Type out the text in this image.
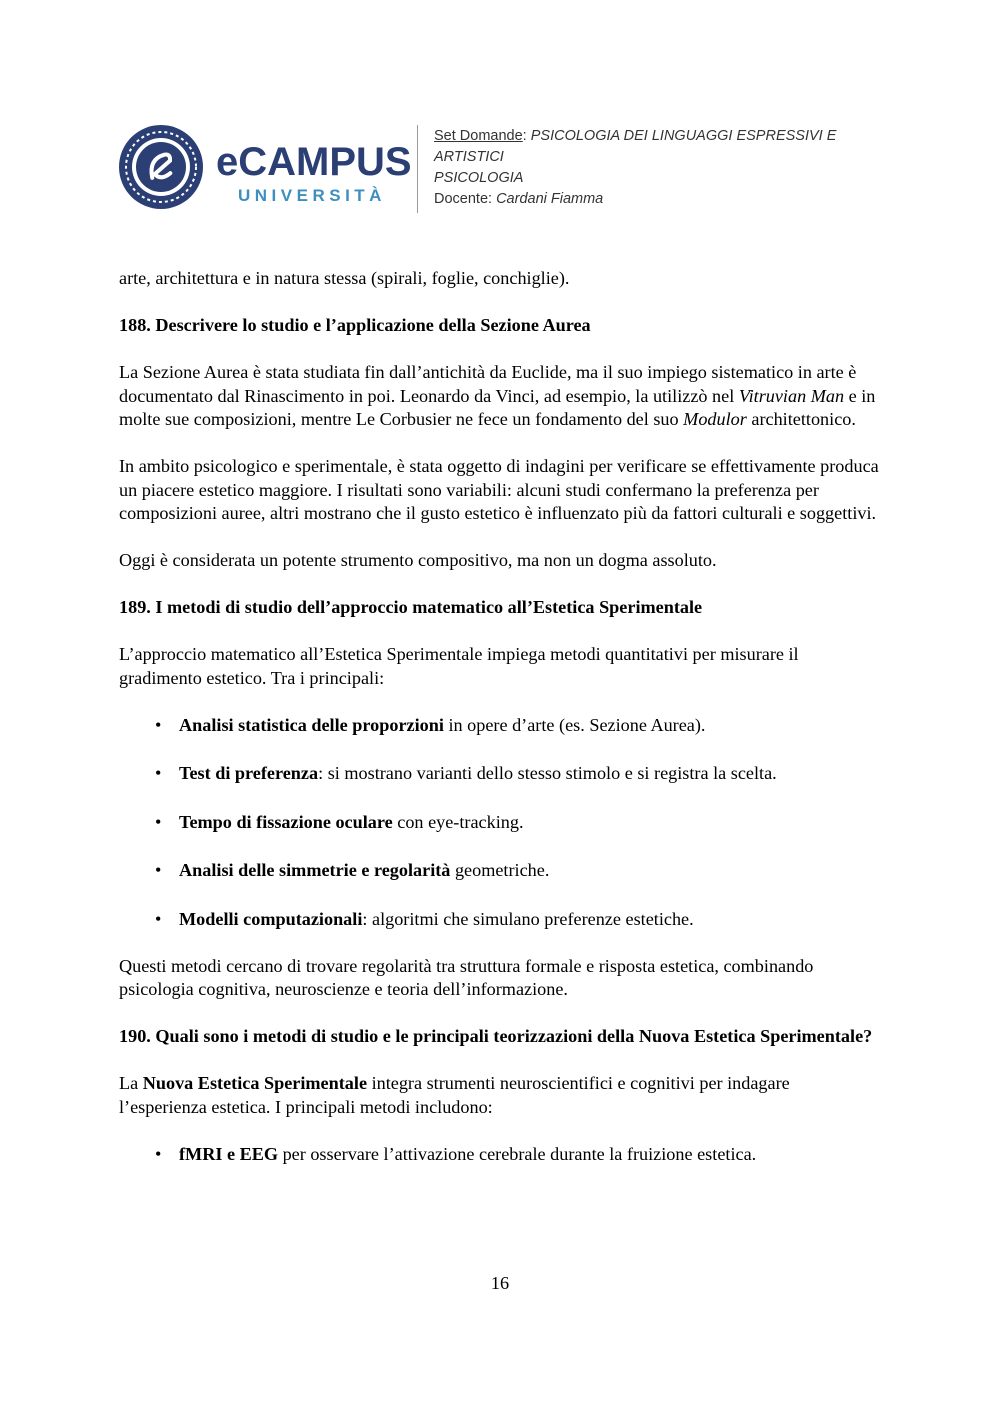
eCAMPUS
UNIVERSITÀ
Set Domande: PSICOLOGIA DEI LINGUAGGI ESPRESSIVI E ARTISTICI
PSICOLOGIA
Docente: Cardani Fiamma

arte, architettura e in natura stessa (spirali, foglie, conchiglie).

188. Descrivere lo studio e l’applicazione della Sezione Aurea

La Sezione Aurea è stata studiata fin dall’antichità da Euclide, ma il suo impiego sistematico in arte è documentato dal Rinascimento in poi. Leonardo da Vinci, ad esempio, la utilizzò nel Vitruvian Man e in molte sue composizioni, mentre Le Corbusier ne fece un fondamento del suo Modulor architettonico.

In ambito psicologico e sperimentale, è stata oggetto di indagini per verificare se effettivamente produca un piacere estetico maggiore. I risultati sono variabili: alcuni studi confermano la preferenza per composizioni auree, altri mostrano che il gusto estetico è influenzato più da fattori culturali e soggettivi.

Oggi è considerata un potente strumento compositivo, ma non un dogma assoluto.

189. I metodi di studio dell’approccio matematico all’Estetica Sperimentale

L’approccio matematico all’Estetica Sperimentale impiega metodi quantitativi per misurare il gradimento estetico. Tra i principali:

• Analisi statistica delle proporzioni in opere d’arte (es. Sezione Aurea).
• Test di preferenza: si mostrano varianti dello stesso stimolo e si registra la scelta.
• Tempo di fissazione oculare con eye-tracking.
• Analisi delle simmetrie e regolarità geometriche.
• Modelli computazionali: algoritmi che simulano preferenze estetiche.

Questi metodi cercano di trovare regolarità tra struttura formale e risposta estetica, combinando psicologia cognitiva, neuroscienze e teoria dell’informazione.

190. Quali sono i metodi di studio e le principali teorizzazioni della Nuova Estetica Sperimentale?

La Nuova Estetica Sperimentale integra strumenti neuroscientifici e cognitivi per indagare l’esperienza estetica. I principali metodi includono:

• fMRI e EEG per osservare l’attivazione cerebrale durante la fruizione estetica.
16
